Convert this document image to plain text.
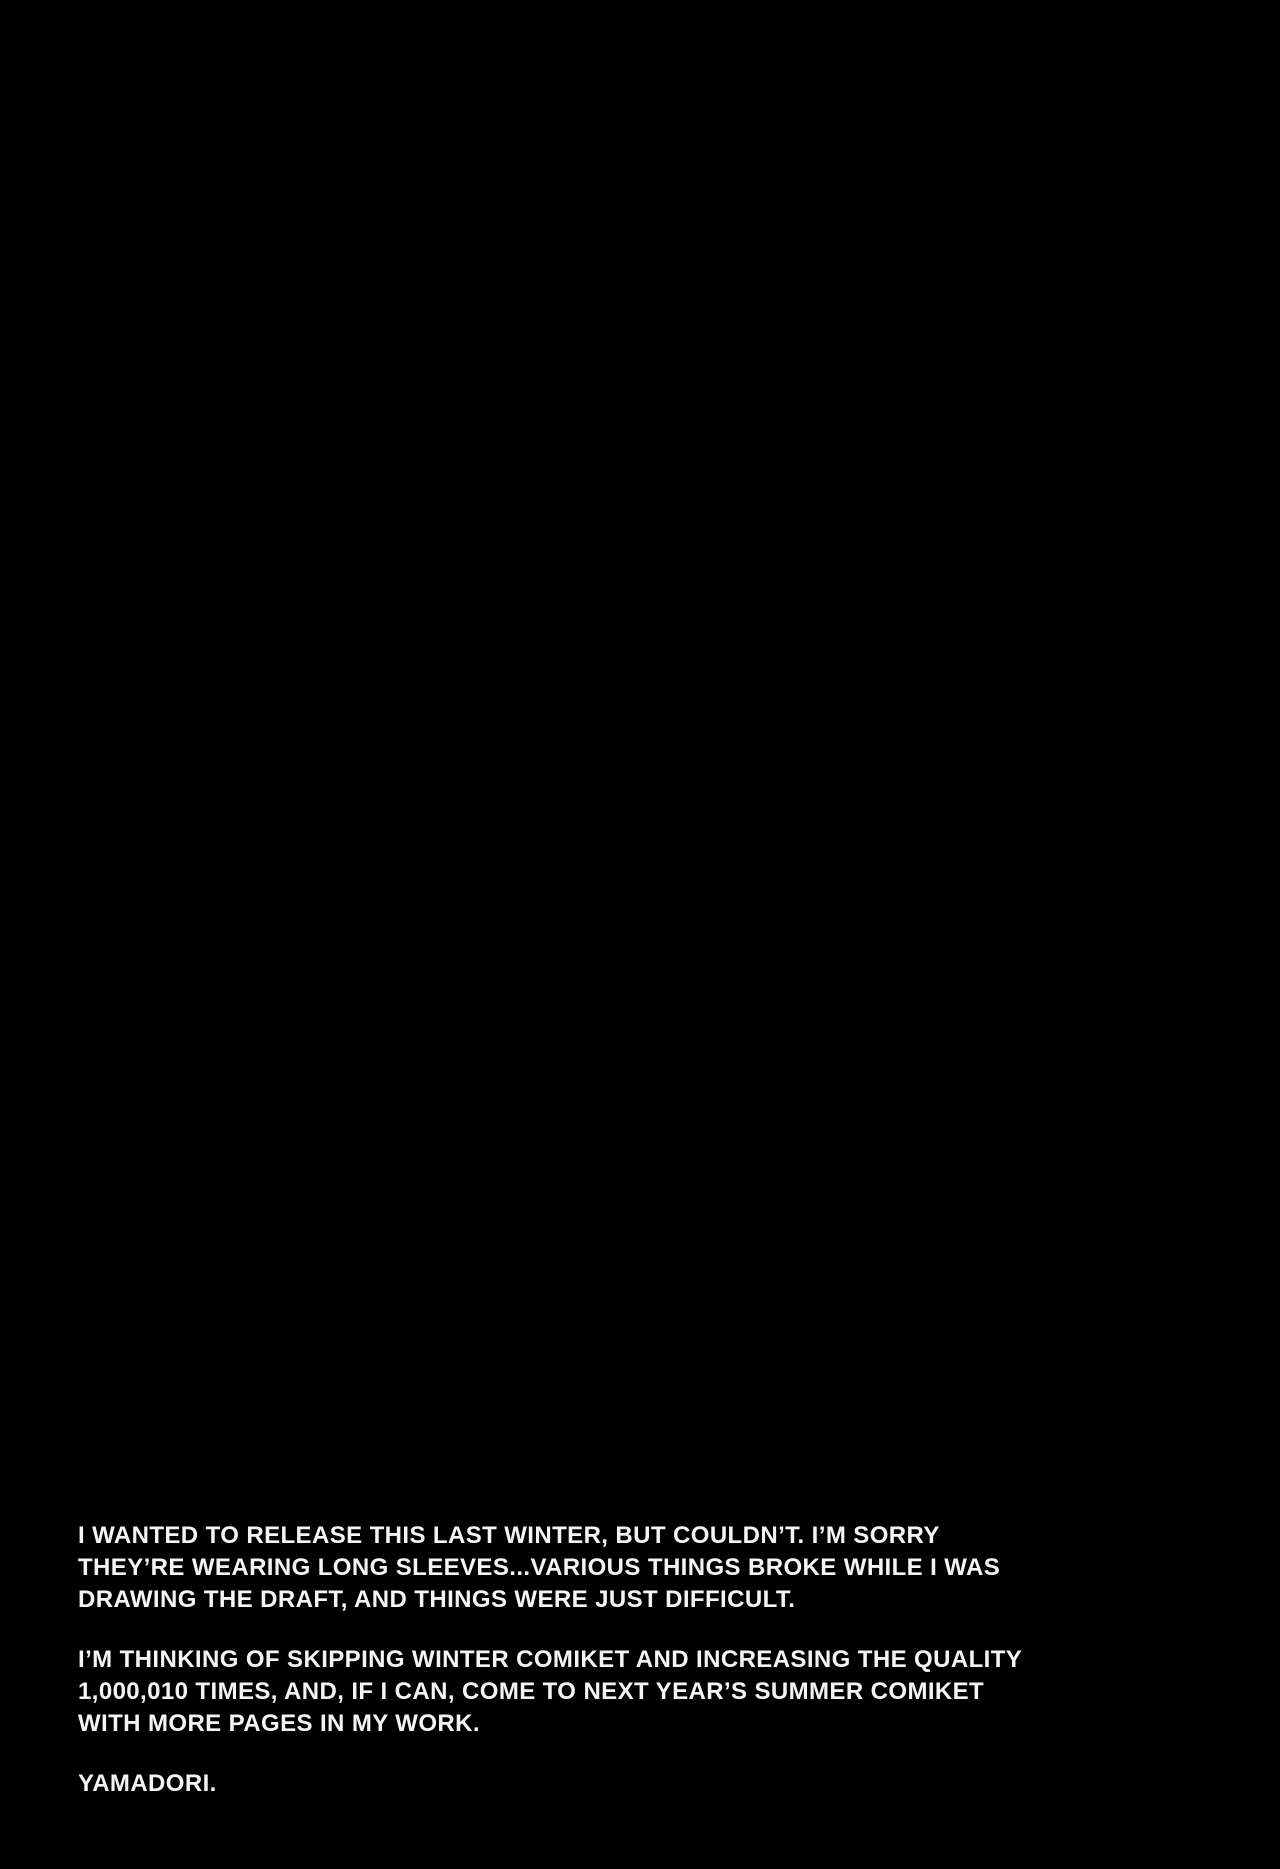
I WANTED TO RELEASE THIS LAST WINTER, BUT COULDN’T. I’M SORRY
THEY’RE WEARING LONG SLEEVES...VARIOUS THINGS BROKE WHILE I WAS
DRAWING THE DRAFT, AND THINGS WERE JUST DIFFICULT.

I’M THINKING OF SKIPPING WINTER COMIKET AND INCREASING THE QUALITY
1,000,010 TIMES, AND, IF I CAN, COME TO NEXT YEAR’S SUMMER COMIKET
WITH MORE PAGES IN MY WORK.

YAMADORI.
